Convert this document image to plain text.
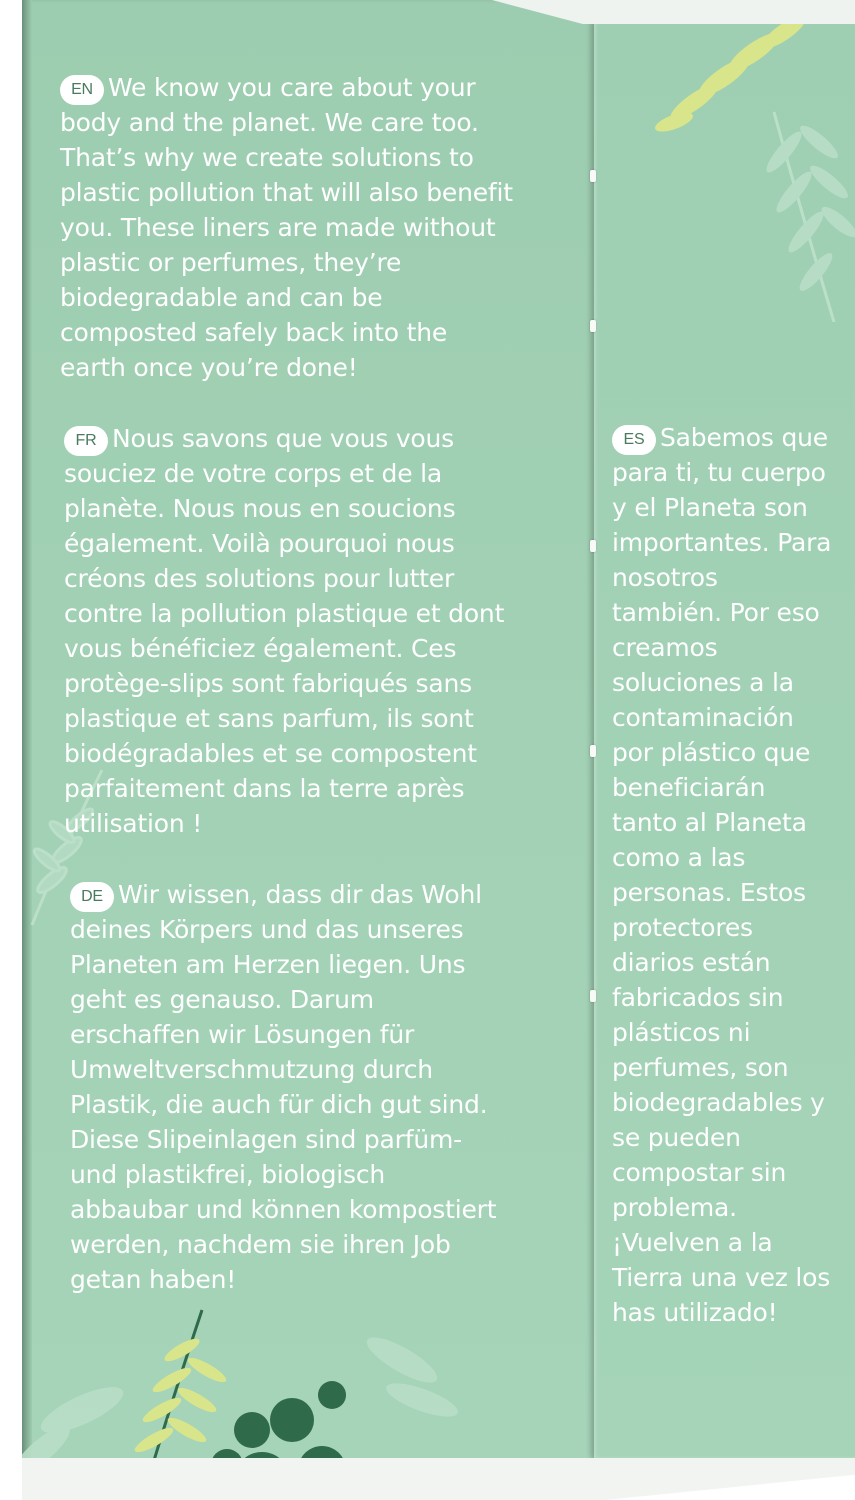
EN We know you care about your body and the planet. We care too. That’s why we create solutions to plastic pollution that will also benefit you. These liners are made without plastic or perfumes, they’re biodegradable and can be composted safely back into the earth once you’re done!
FR Nous savons que vous vous souciez de votre corps et de la planète. Nous nous en soucions également. Voilà pourquoi nous créons des solutions pour lutter contre la pollution plastique et dont vous bénéficiez également. Ces protège-slips sont fabriqués sans plastique et sans parfum, ils sont biodégradables et se compostent parfaitement dans la terre après utilisation !
DE Wir wissen, dass dir das Wohl deines Körpers und das unseres Planeten am Herzen liegen. Uns geht es genauso. Darum erschaffen wir Lösungen für Umweltverschmutzung durch Plastik, die auch für dich gut sind. Diese Slipeinlagen sind parfüm- und plastikfrei, biologisch abbaubar und können kompostiert werden, nachdem sie ihren Job getan haben!
ES Sabemos que para ti, tu cuerpo y el Planeta son importantes. Para nosotros también. Por eso creamos soluciones a la contaminación por plástico que beneficiarán tanto al Planeta como a las personas. Estos protectores diarios están fabricados sin plásticos ni perfumes, son biodegradables y se pueden compostar sin problema. ¡Vuelven a la Tierra una vez los has utilizado!
